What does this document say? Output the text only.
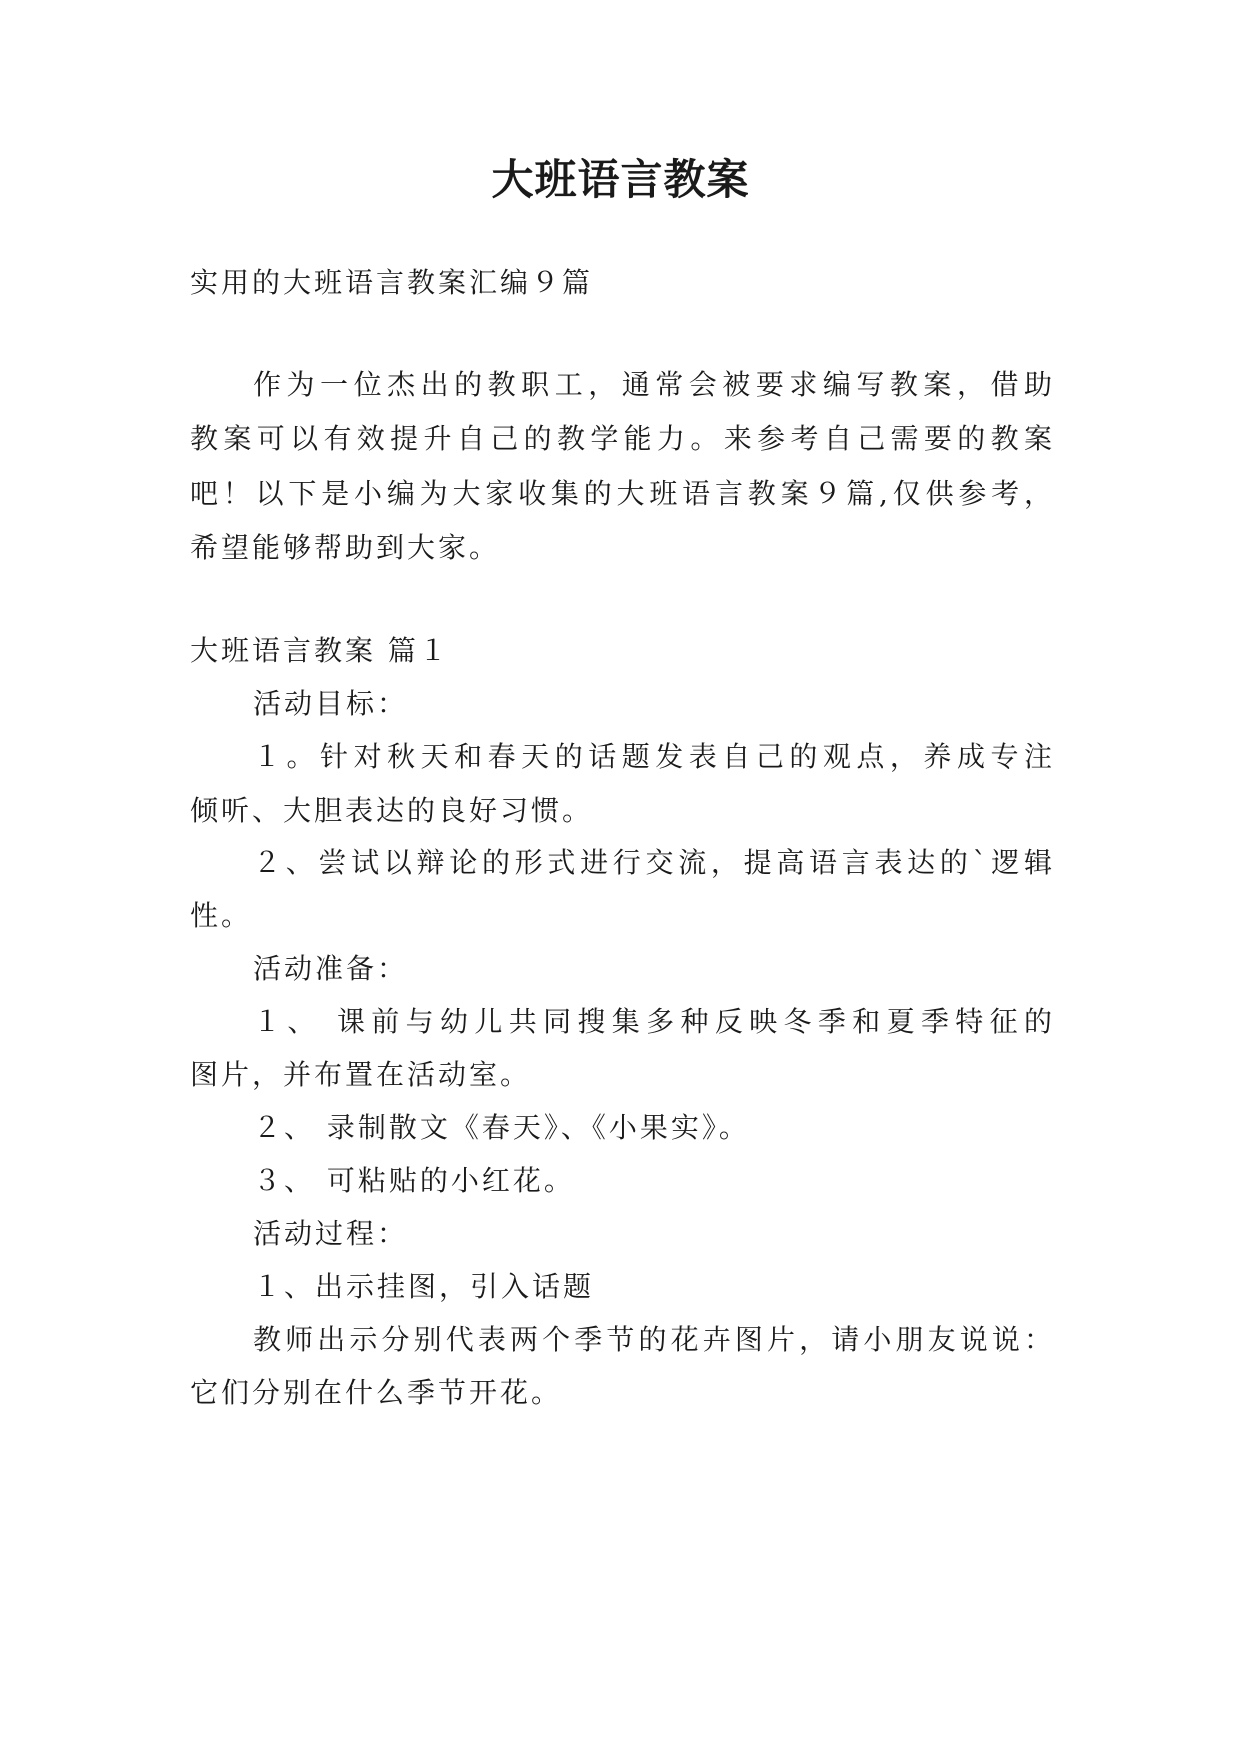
大班语言教案
实用的大班语言教案汇编９篇
作为一位杰出的教职工，通常会被要求编写教案，借助
教案可以有效提升自己的教学能力。来参考自己需要的教案
吧！以下是小编为大家收集的大班语言教案９篇,仅供参考，
希望能够帮助到大家。
大班语言教案 篇１
活动目标：
１。针对秋天和春天的话题发表自己的观点，养成专注
倾听、大胆表达的良好习惯。
２、尝试以辩论的形式进行交流，提高语言表达的`逻辑
性。
活动准备：
１、 课前与幼儿共同搜集多种反映冬季和夏季特征的
图片，并布置在活动室。
２、 录制散文《春天》、《小果实》。
３、 可粘贴的小红花。
活动过程：
１、出示挂图，引入话题
教师出示分别代表两个季节的花卉图片，请小朋友说说：
它们分别在什么季节开花。
